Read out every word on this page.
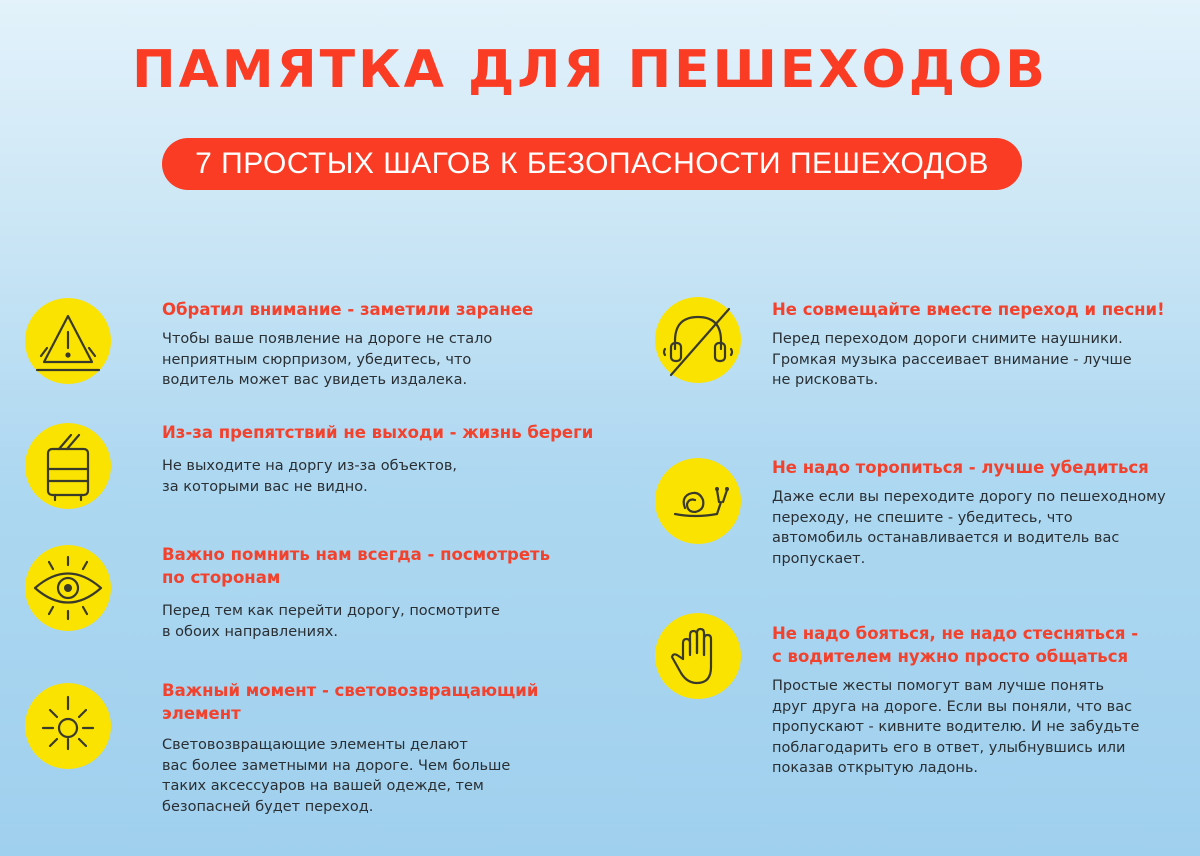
ПАМЯТКА ДЛЯ ПЕШЕХОДОВ
7 ПРОСТЫХ ШАГОВ К БЕЗОПАСНОСТИ ПЕШЕХОДОВ
Обратил внимание - заметили заранее
Чтобы ваше появление на дороге не стало
неприятным сюрпризом, убедитесь, что
водитель может вас увидеть издалека.
Из-за препятствий не выходи - жизнь береги
Не выходите на доргу из-за объектов,
за которыми вас не видно.
Важно помнить нам всегда - посмотреть
по сторонам
Перед тем как перейти дорогу, посмотрите
в обоих направлениях.
Важный момент - световозвращающий
элемент
Световозвращающие элементы делают
вас более заметными на дороге. Чем больше
таких аксессуаров на вашей одежде, тем
безопасней будет переход.
Не совмещайте вместе переход и песни!
Перед переходом дороги снимите наушники.
Громкая музыка рассеивает внимание - лучше
не рисковать.
Не надо торопиться - лучше убедиться
Даже если вы переходите дорогу по пешеходному
переходу, не спешите - убедитесь, что
автомобиль останавливается и водитель вас
пропускает.
Не надо бояться, не надо стесняться -
с водителем нужно просто общаться
Простые жесты помогут вам лучше понять
друг друга на дороге. Если вы поняли, что вас
пропускают - кивните водителю. И не забудьте
поблагодарить его в ответ, улыбнувшись или
показав открытую ладонь.
